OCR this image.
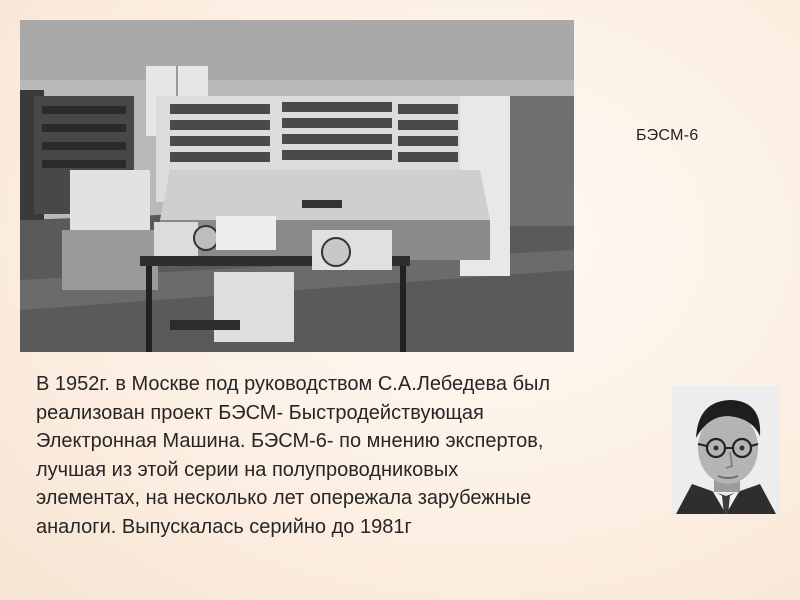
БЭСМ-6
В 1952г. в Москве под руководством С.А.Лебедева был
реализован проект БЭСМ- Быстродействующая
Электронная Машина. БЭСМ-6- по мнению экспертов,
лучшая из этой серии на полупроводниковых
элементах, на несколько лет опережала зарубежные
аналоги. Выпускалась серийно до 1981г
